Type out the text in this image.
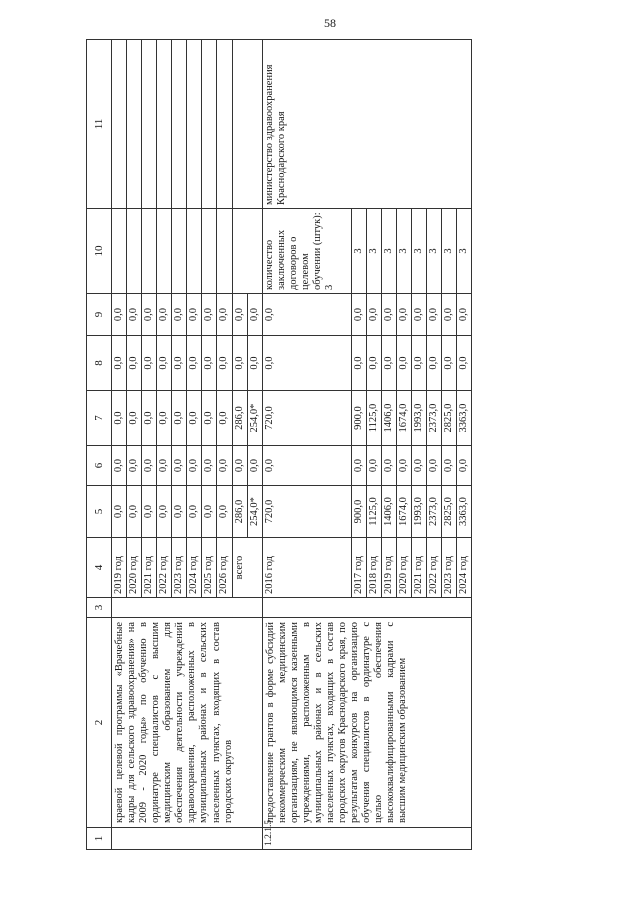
58
1	2	3	4	5	6	7	8	9	10	11
	краевой целевой программы «Врачебные кадры для сельского здравоохранения» на 2009 - 2020 годы» по обучению в ординатуре специалистов с высшим медицинским образованием для обеспечения деятельности учреждений здравоохранения, расположенных в муниципальных районах и в сельских населенных пунктах, входящих в состав городских округов		2019 год	0,0	0,0	0,0	0,0	0,0		
			2020 год	0,0	0,0	0,0	0,0	0,0		
			2021 год	0,0	0,0	0,0	0,0	0,0		
			2022 год	0,0	0,0	0,0	0,0	0,0		
			2023 год	0,0	0,0	0,0	0,0	0,0		
			2024 год	0,0	0,0	0,0	0,0	0,0		
			2025 год	0,0	0,0	0,0	0,0	0,0		
			2026 год	0,0	0,0	0,0	0,0	0,0		
			всего	286,0	0,0	286,0	0,0	0,0		
				254,0*	0,0	254,0*	0,0	0,0		
1.2.1.5	предоставление грантов в форме субсидий некоммерческим медицинским организациям, не являющимся казенными учреждениями, расположенным в муниципальных районах и в сельских населенных пунктах, входящих в состав городских округов Краснодарского края, по результатам конкурсов на организацию обучения специалистов в ординатуре с целью обеспечения высококвалифицированными кадрами с высшим медицинским образованием		2016 год	720,0	0,0	720,0	0,0	0,0	количество заключенных договоров о целевом обучении (штук): 3	министерство здравоохранения Краснодарского края
			2017 год	900,0	0,0	900,0	0,0	0,0	3	
			2018 год	1125,0	0,0	1125,0	0,0	0,0	3	
			2019 год	1406,0	0,0	1406,0	0,0	0,0	3	
			2020 год	1674,0	0,0	1674,0	0,0	0,0	3	
			2021 год	1993,0	0,0	1993,0	0,0	0,0	3	
			2022 год	2373,0	0,0	2373,0	0,0	0,0	3	
			2023 год	2825,0	0,0	2825,0	0,0	0,0	3	
			2024 год	3363,0	0,0	3363,0	0,0	0,0	3	
